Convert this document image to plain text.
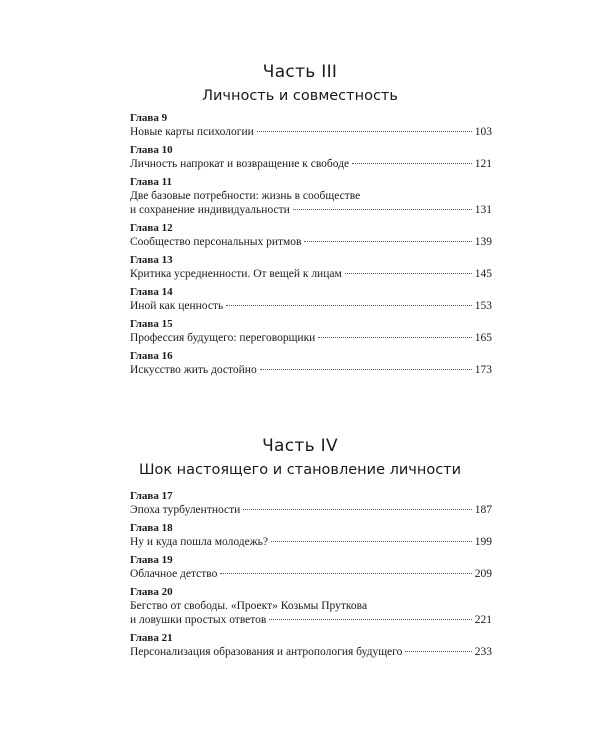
Часть III
Личность и совместность
Глава 9
Новые карты психологии	103
Глава 10
Личность напрокат и возвращение к свободе	121
Глава 11
Две базовые потребности: жизнь в сообществе
и сохранение индивидуальности	131
Глава 12
Сообщество персональных ритмов	139
Глава 13
Критика усредненности. От вещей к лицам	145
Глава 14
Иной как ценность	153
Глава 15
Профессия будущего: переговорщики	165
Глава 16
Искусство жить достойно	173
Часть IV
Шок настоящего и становление личности
Глава 17
Эпоха турбулентности	187
Глава 18
Ну и куда пошла молодежь?	199
Глава 19
Облачное детство	209
Глава 20
Бегство от свободы. «Проект» Козьмы Пруткова
и ловушки простых ответов	221
Глава 21
Персонализация образования и антропология будущего	233
